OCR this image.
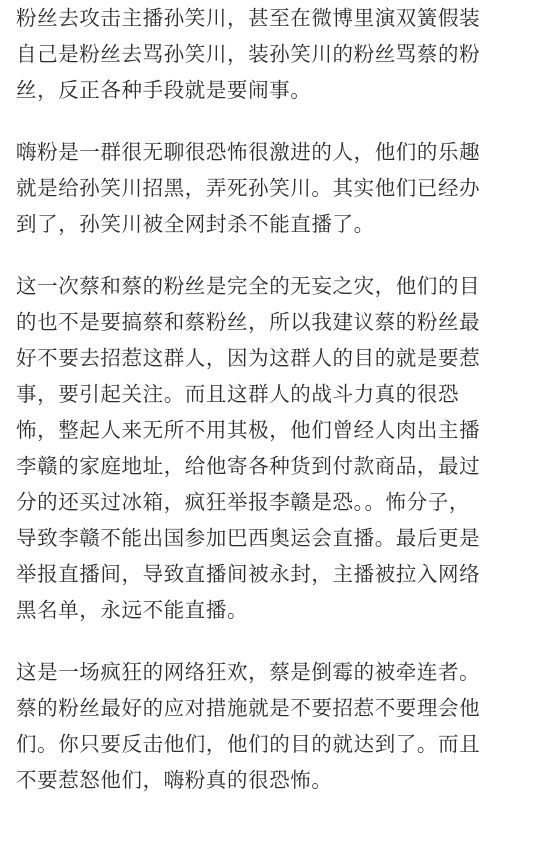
粉丝去攻击主播孙笑川，甚至在微博里演双簧假装
自己是粉丝去骂孙笑川，装孙笑川的粉丝骂蔡的粉
丝，反正各种手段就是要闹事。
嗨粉是一群很无聊很恐怖很激进的人，他们的乐趣
就是给孙笑川招黑，弄死孙笑川。其实他们已经办
到了，孙笑川被全网封杀不能直播了。
这一次蔡和蔡的粉丝是完全的无妄之灾，他们的目
的也不是要搞蔡和蔡粉丝，所以我建议蔡的粉丝最
好不要去招惹这群人，因为这群人的目的就是要惹
事，要引起关注。而且这群人的战斗力真的很恐
怖，整起人来无所不用其极，他们曾经人肉出主播
李赣的家庭地址，给他寄各种货到付款商品，最过
分的还买过冰箱，疯狂举报李赣是恐。。怖分子，
导致李赣不能出国参加巴西奥运会直播。最后更是
举报直播间，导致直播间被永封，主播被拉入网络
黑名单，永远不能直播。
这是一场疯狂的网络狂欢，蔡是倒霉的被牵连者。
蔡的粉丝最好的应对措施就是不要招惹不要理会他
们。你只要反击他们，他们的目的就达到了。而且
不要惹怒他们，嗨粉真的很恐怖。
